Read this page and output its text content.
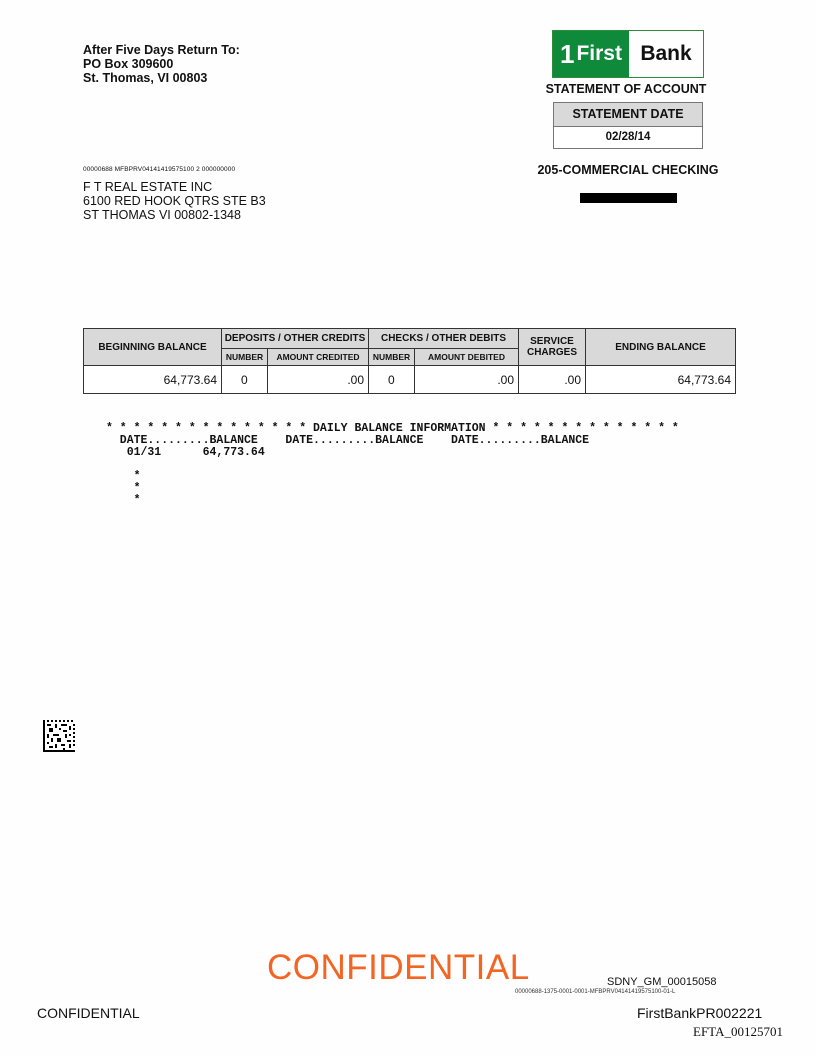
After Five Days Return To:
PO Box 309600
St. Thomas, VI 00803
1 First Bank
STATEMENT OF ACCOUNT
STATEMENT DATE
02/28/14
205-COMMERCIAL CHECKING
00000688 MFBPRV04141419575100 2 000000000
F T REAL ESTATE INC
6100 RED HOOK QTRS STE B3
ST THOMAS VI 00802-1348
BEGINNING BALANCE	DEPOSITS / OTHER CREDITS		CHECKS / OTHER DEBITS		SERVICE
CHARGES	ENDING BALANCE
	NUMBER	AMOUNT CREDITED	NUMBER	AMOUNT DEBITED		
64,773.64	0	.00	0	.00	.00	64,773.64
* * * * * * * * * * * * * * * DAILY BALANCE INFORMATION * * * * * * * * * * * * * *
DATE.........BALANCE    DATE.........BALANCE    DATE.........BALANCE
01/31      64,773.64
*
*
*
CONFIDENTIAL	SDNY_GM_00015058
00000688-1375-0001-0001-MFBPRV04141419575100-01-L
CONFIDENTIAL	FirstBankPR002221
EFTA_00125701
